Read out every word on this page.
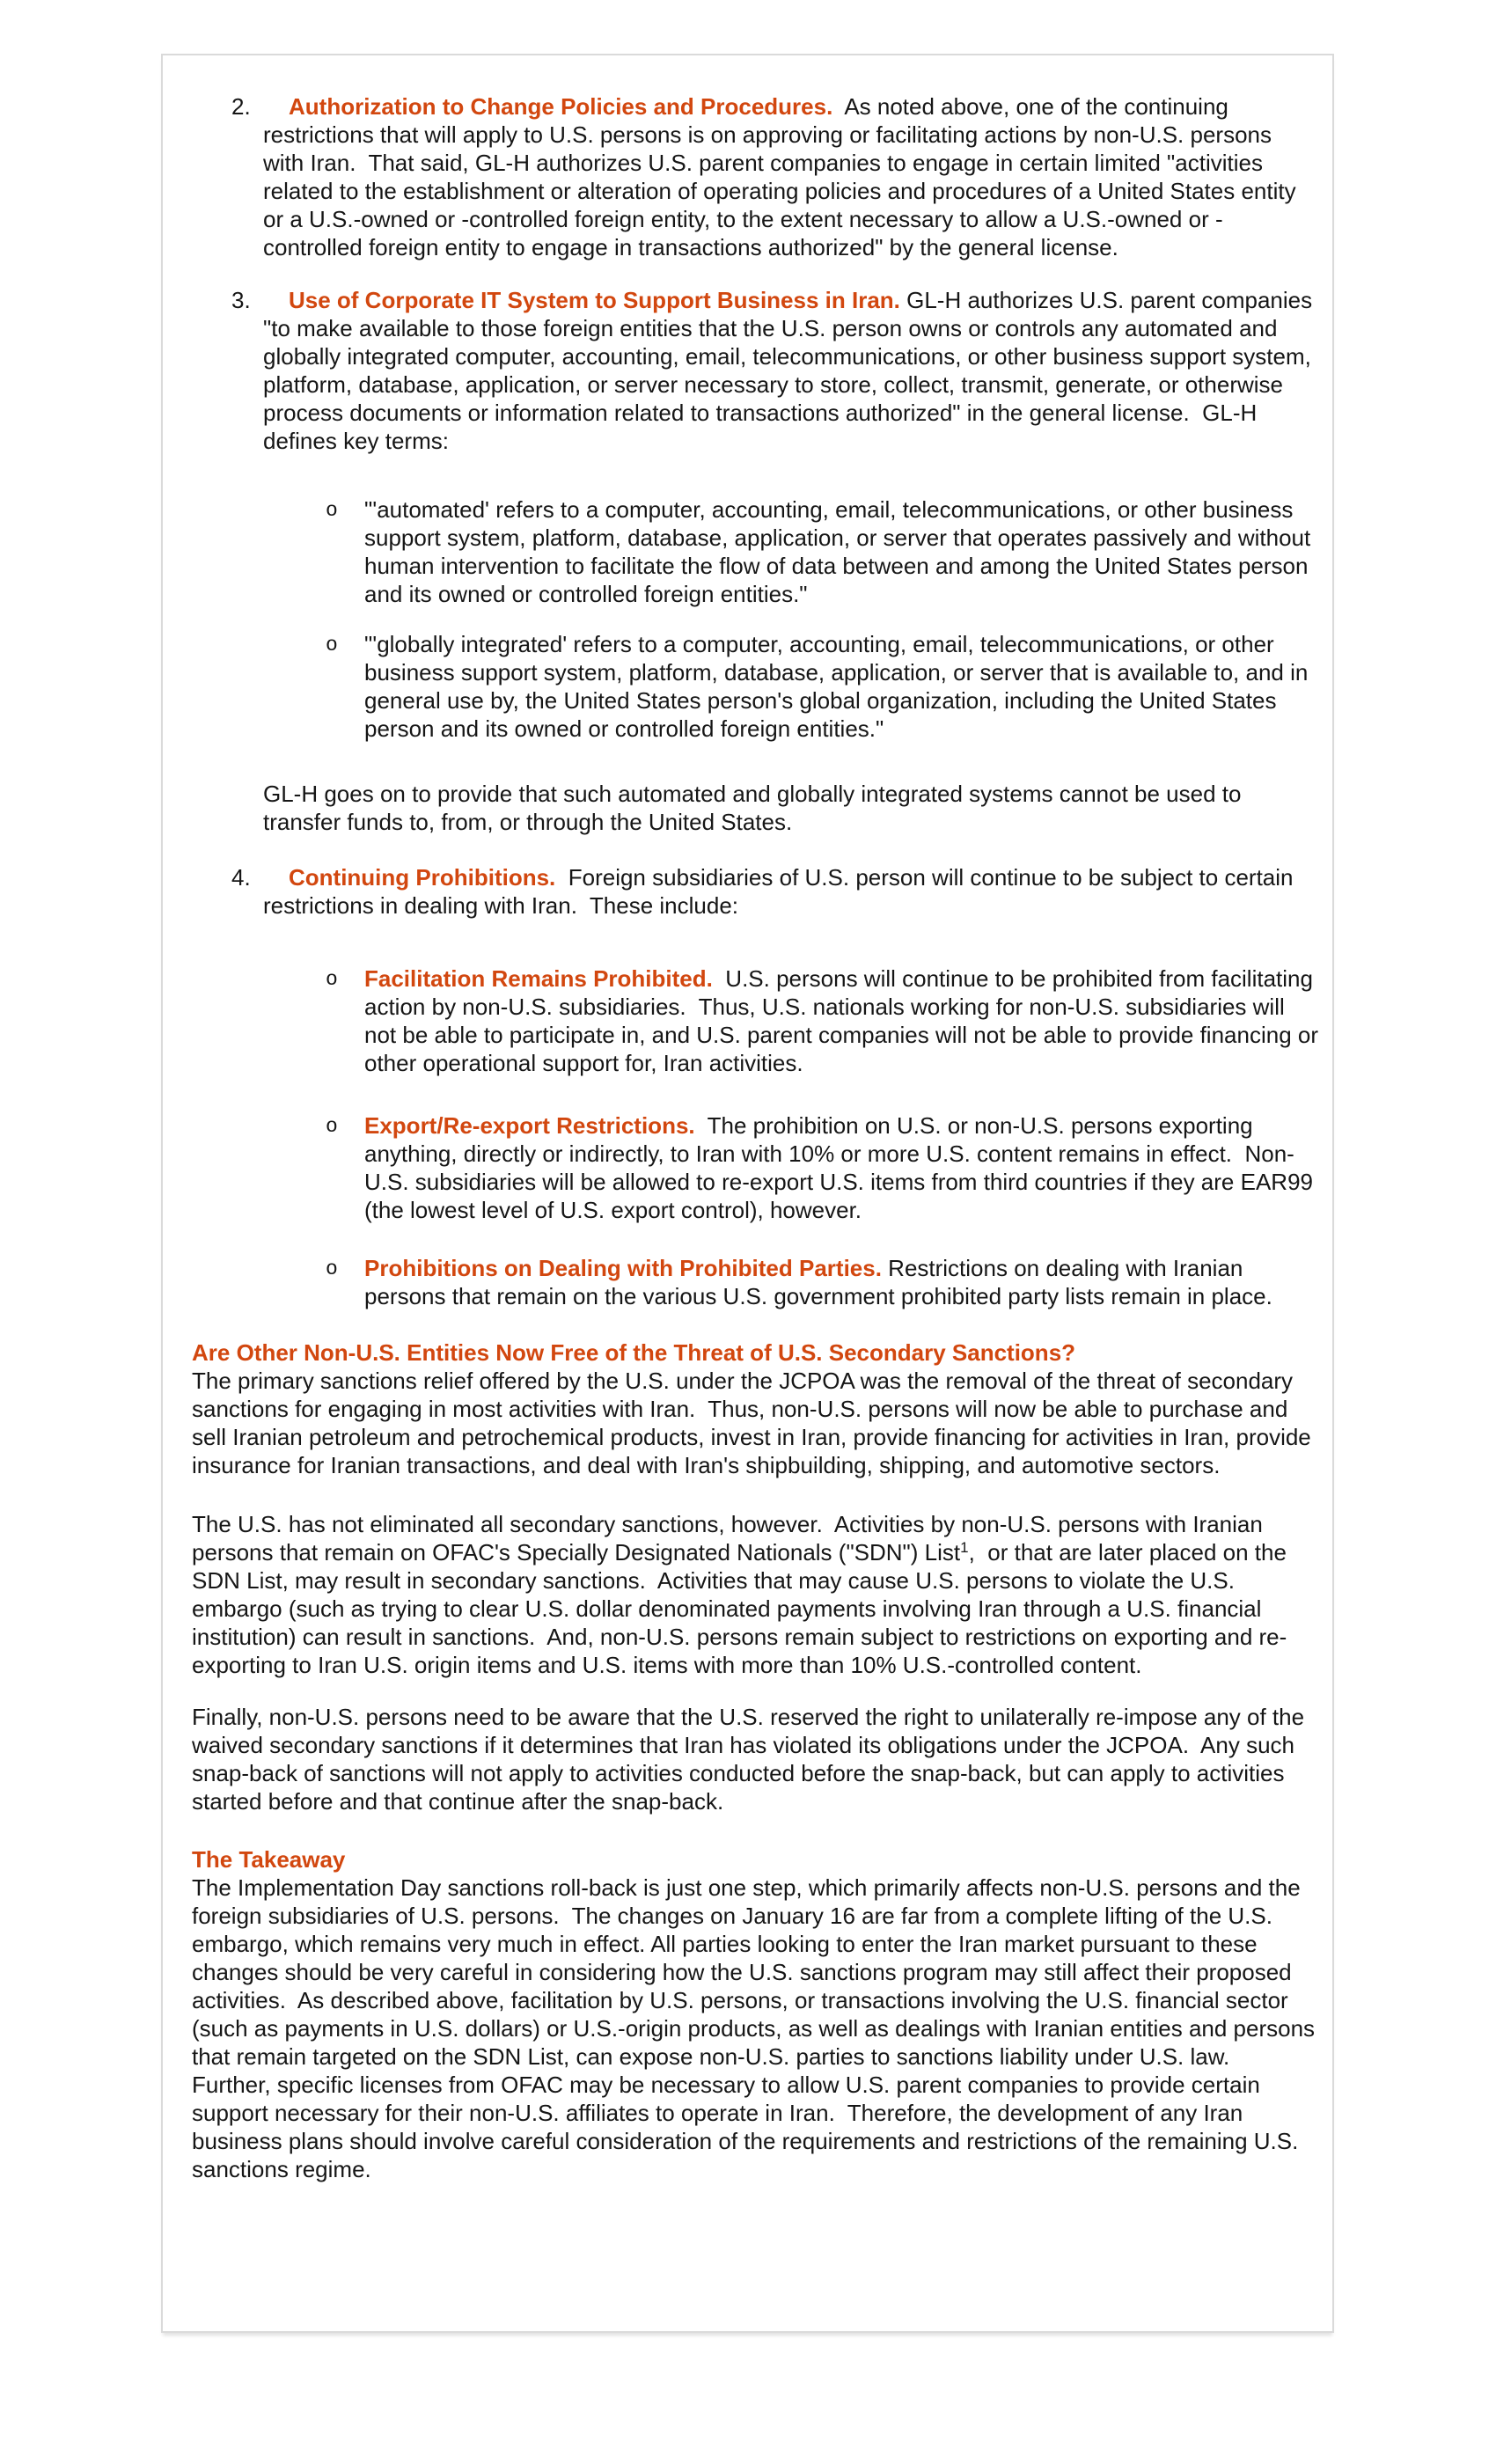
2. Authorization to Change Policies and Procedures.  As noted above, one of the continuing restrictions that will apply to U.S. persons is on approving or facilitating actions by non-U.S. persons with Iran.  That said, GL-H authorizes U.S. parent companies to engage in certain limited "activities related to the establishment or alteration of operating policies and procedures of a United States entity or a U.S.-owned or -controlled foreign entity, to the extent necessary to allow a U.S.-owned or -controlled foreign entity to engage in transactions authorized" by the general license.

3. Use of Corporate IT System to Support Business in Iran. GL-H authorizes U.S. parent companies "to make available to those foreign entities that the U.S. person owns or controls any automated and globally integrated computer, accounting, email, telecommunications, or other business support system, platform, database, application, or server necessary to store, collect, transmit, generate, or otherwise process documents or information related to transactions authorized" in the general license.  GL-H defines key terms:

o "'automated' refers to a computer, accounting, email, telecommunications, or other business support system, platform, database, application, or server that operates passively and without human intervention to facilitate the flow of data between and among the United States person and its owned or controlled foreign entities."

o "'globally integrated' refers to a computer, accounting, email, telecommunications, or other business support system, platform, database, application, or server that is available to, and in general use by, the United States person's global organization, including the United States person and its owned or controlled foreign entities."

GL-H goes on to provide that such automated and globally integrated systems cannot be used to transfer funds to, from, or through the United States.

4. Continuing Prohibitions.  Foreign subsidiaries of U.S. person will continue to be subject to certain restrictions in dealing with Iran.  These include:

o Facilitation Remains Prohibited.  U.S. persons will continue to be prohibited from facilitating action by non-U.S. subsidiaries.  Thus, U.S. nationals working for non-U.S. subsidiaries will not be able to participate in, and U.S. parent companies will not be able to provide financing or other operational support for, Iran activities.

o Export/Re-export Restrictions.  The prohibition on U.S. or non-U.S. persons exporting anything, directly or indirectly, to Iran with 10% or more U.S. content remains in effect.  Non-U.S. subsidiaries will be allowed to re-export U.S. items from third countries if they are EAR99 (the lowest level of U.S. export control), however.

o Prohibitions on Dealing with Prohibited Parties. Restrictions on dealing with Iranian persons that remain on the various U.S. government prohibited party lists remain in place.

Are Other Non-U.S. Entities Now Free of the Threat of U.S. Secondary Sanctions?

The primary sanctions relief offered by the U.S. under the JCPOA was the removal of the threat of secondary sanctions for engaging in most activities with Iran.  Thus, non-U.S. persons will now be able to purchase and sell Iranian petroleum and petrochemical products, invest in Iran, provide financing for activities in Iran, provide insurance for Iranian transactions, and deal with Iran's shipbuilding, shipping, and automotive sectors.

The U.S. has not eliminated all secondary sanctions, however.  Activities by non-U.S. persons with Iranian persons that remain on OFAC's Specially Designated Nationals ("SDN") List$^1$,  or that are later placed on the SDN List, may result in secondary sanctions.  Activities that may cause U.S. persons to violate the U.S. embargo (such as trying to clear U.S. dollar denominated payments involving Iran through a U.S. financial institution) can result in sanctions.  And, non-U.S. persons remain subject to restrictions on exporting and re-exporting to Iran U.S. origin items and U.S. items with more than 10% U.S.-controlled content.

Finally, non-U.S. persons need to be aware that the U.S. reserved the right to unilaterally re-impose any of the waived secondary sanctions if it determines that Iran has violated its obligations under the JCPOA.  Any such snap-back of sanctions will not apply to activities conducted before the snap-back, but can apply to activities started before and that continue after the snap-back.

The Takeaway

The Implementation Day sanctions roll-back is just one step, which primarily affects non-U.S. persons and the foreign subsidiaries of U.S. persons.  The changes on January 16 are far from a complete lifting of the U.S. embargo, which remains very much in effect. All parties looking to enter the Iran market pursuant to these changes should be very careful in considering how the U.S. sanctions program may still affect their proposed activities.  As described above, facilitation by U.S. persons, or transactions involving the U.S. financial sector (such as payments in U.S. dollars) or U.S.-origin products, as well as dealings with Iranian entities and persons that remain targeted on the SDN List, can expose non-U.S. parties to sanctions liability under U.S. law.  Further, specific licenses from OFAC may be necessary to allow U.S. parent companies to provide certain support necessary for their non-U.S. affiliates to operate in Iran.  Therefore, the development of any Iran business plans should involve careful consideration of the requirements and restrictions of the remaining U.S. sanctions regime.
